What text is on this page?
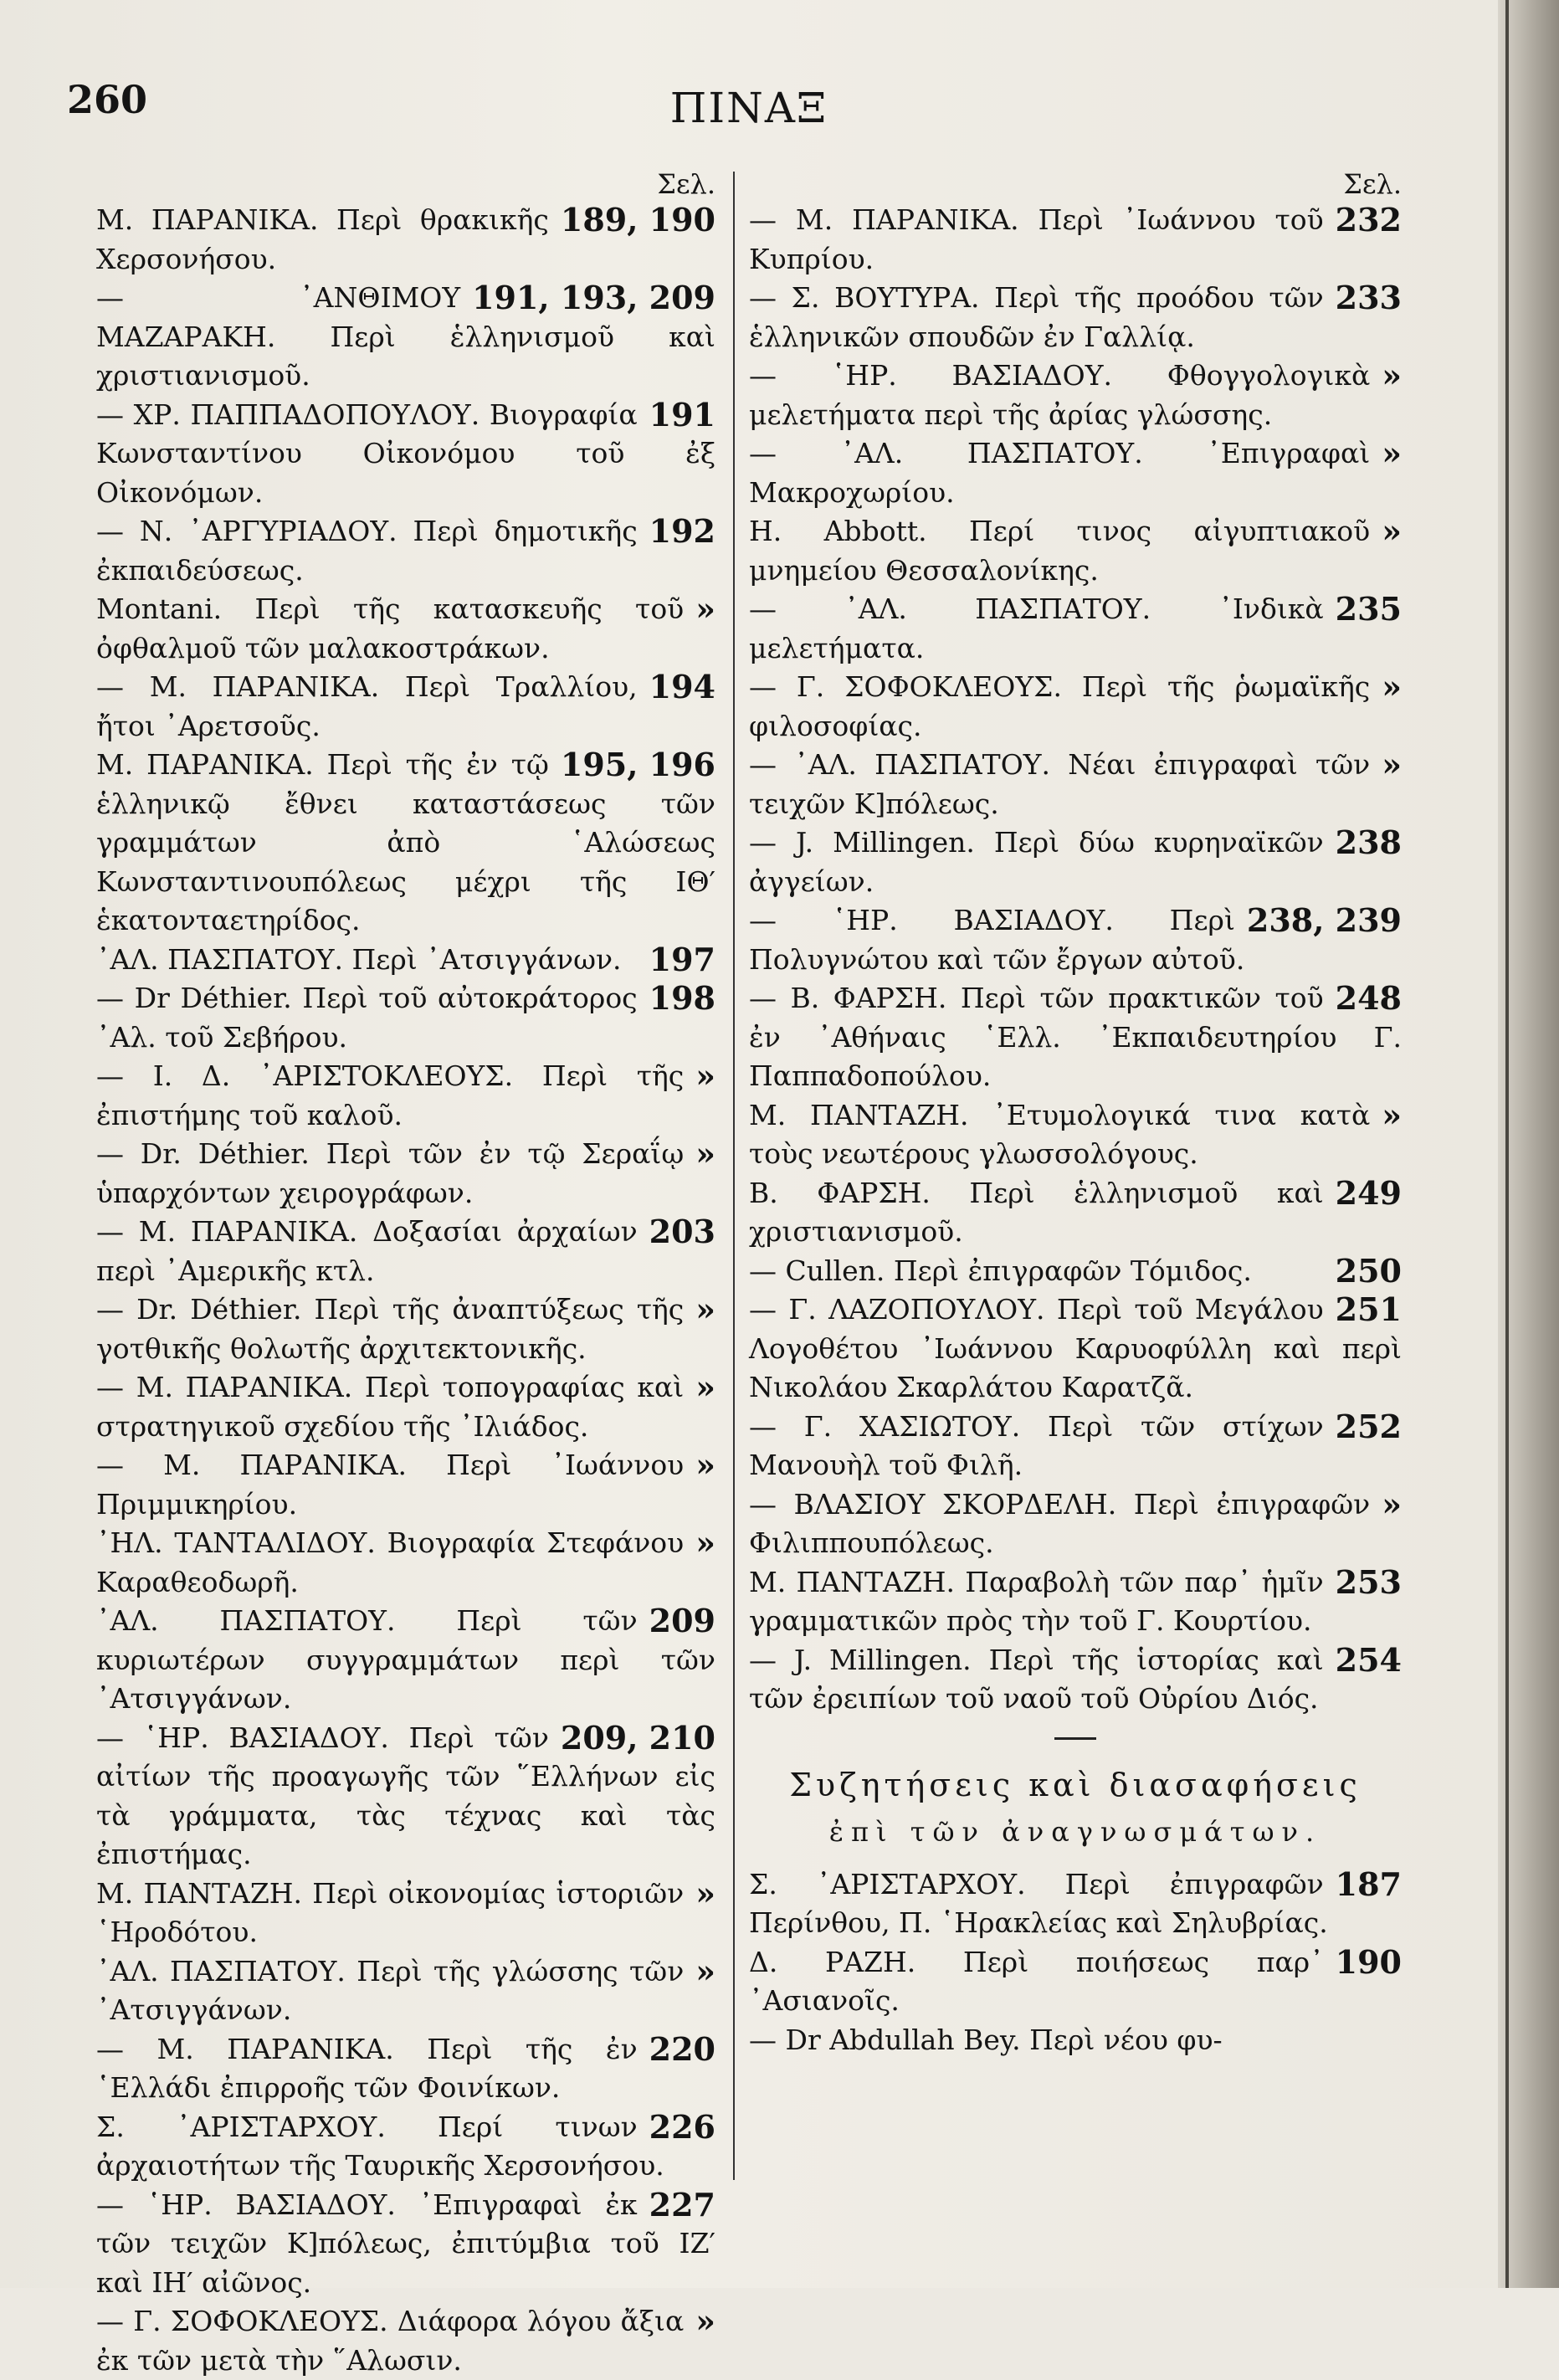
260	ΠΙΝΑΞ
Σελ.

189, 190
Μ. ΠΑΡΑΝΙΚΑ. Περὶ θρακικῆς Χερσονήσου.

191, 193, 209
— ᾿ΑΝΘΙΜΟΥ ΜΑΖΑΡΑΚΗ. Περὶ ἑλληνισμοῦ καὶ χριστιανισμοῦ.

191
— ΧΡ. ΠΑΠΠΑΔΟΠΟΥΛΟΥ. Βιογραφία Κωνσταντίνου Οἰκονόμου τοῦ ἐξ Οἰκονόμων.

192
— Ν. ᾿ΑΡΓΥΡΙΑΔΟΥ. Περὶ δημοτικῆς ἐκπαιδεύσεως.

»
Montani. Περὶ τῆς κατασκευῆς τοῦ ὀφθαλμοῦ τῶν μαλακοστράκων.

194
— Μ. ΠΑΡΑΝΙΚΑ. Περὶ Τραλλίου, ἤτοι ᾿Αρετσοῦς.

195, 196
Μ. ΠΑΡΑΝΙΚΑ. Περὶ τῆς ἐν τῷ ἑλληνικῷ ἔθνει καταστάσεως τῶν γραμμάτων ἀπὸ ῾Αλώσεως Κωνσταντινουπόλεως μέχρι τῆς ΙΘ′ ἑκατονταετηρίδος.

197
᾿ΑΛ. ΠΑΣΠΑΤΟΥ. Περὶ ᾿Ατσιγγάνων.

198
— Dr Déthier. Περὶ τοῦ αὐτοκράτορος ᾿Αλ. τοῦ Σεβήρου.

»
— Ι. Δ. ᾿ΑΡΙΣΤΟΚΛΕΟΥΣ. Περὶ τῆς ἐπιστήμης τοῦ καλοῦ.

»
— Dr. Déthier. Περὶ τῶν ἐν τῷ Σεραΐῳ ὑπαρχόντων χειρογράφων.

203
— Μ. ΠΑΡΑΝΙΚΑ. Δοξασίαι ἀρχαίων περὶ ᾿Αμερικῆς κτλ.

»
— Dr. Déthier. Περὶ τῆς ἀναπτύξεως τῆς γοτθικῆς θολωτῆς ἀρχιτεκτονικῆς.

»
— Μ. ΠΑΡΑΝΙΚΑ. Περὶ τοπογραφίας καὶ στρατηγικοῦ σχεδίου τῆς ᾿Ιλιάδος.

»
— Μ. ΠΑΡΑΝΙΚΑ. Περὶ ᾿Ιωάννου Πριμμικηρίου.

»
᾿ΗΛ. ΤΑΝΤΑΛΙΔΟΥ. Βιογραφία Στεφάνου Καραθεοδωρῆ.

209
᾿ΑΛ. ΠΑΣΠΑΤΟΥ. Περὶ τῶν κυριωτέρων συγγραμμάτων περὶ τῶν ᾿Ατσιγγάνων.

209, 210
— ῾ΗΡ. ΒΑΣΙΑΔΟΥ. Περὶ τῶν αἰτίων τῆς προαγωγῆς τῶν ῞Ελλήνων εἰς τὰ γράμματα, τὰς τέχνας καὶ τὰς ἐπιστήμας.

»
Μ. ΠΑΝΤΑΖΗ. Περὶ οἰκονομίας ἱστοριῶν ῾Ηροδότου.

»
᾿ΑΛ. ΠΑΣΠΑΤΟΥ. Περὶ τῆς γλώσσης τῶν ᾿Ατσιγγάνων.

220
— Μ. ΠΑΡΑΝΙΚΑ. Περὶ τῆς ἐν ῾Ελλάδι ἐπιρροῆς τῶν Φοινίκων.

226
Σ. ᾿ΑΡΙΣΤΑΡΧΟΥ. Περί τινων ἀρχαιοτήτων τῆς Ταυρικῆς Χερσονήσου.

227
— ῾ΗΡ. ΒΑΣΙΑΔΟΥ. ᾿Επιγραφαὶ ἐκ τῶν τειχῶν Κ]πόλεως, ἐπιτύμβια τοῦ ΙΖ′ καὶ ΙΗ′ αἰῶνος.

»
— Γ. ΣΟΦΟΚΛΕΟΥΣ. Διάφορα λόγου ἄξια ἐκ τῶν μετὰ τὴν ῞Αλωσιν.

Σελ.

232
— Μ. ΠΑΡΑΝΙΚΑ. Περὶ ᾿Ιωάννου τοῦ Κυπρίου.

233
— Σ. ΒΟΥΤΥΡΑ. Περὶ τῆς προόδου τῶν ἑλληνικῶν σπουδῶν ἐν Γαλλίᾳ.

»
— ῾ΗΡ. ΒΑΣΙΑΔΟΥ. Φθογγολογικὰ μελετήματα περὶ τῆς ἀρίας γλώσσης.

»
— ᾿ΑΛ. ΠΑΣΠΑΤΟΥ. ᾿Επιγραφαὶ Μακροχωρίου.

»
Η. Abbott. Περί τινος αἰγυπτιακοῦ μνημείου Θεσσαλονίκης.

235
— ᾿ΑΛ. ΠΑΣΠΑΤΟΥ. ᾿Ινδικὰ μελετήματα.

»
— Γ. ΣΟΦΟΚΛΕΟΥΣ. Περὶ τῆς ῥωμαϊκῆς φιλοσοφίας.

»
— ᾿ΑΛ. ΠΑΣΠΑΤΟΥ. Νέαι ἐπιγραφαὶ τῶν τειχῶν Κ]πόλεως.

238
— J. Millingen. Περὶ δύω κυρηναϊκῶν ἀγγείων.

238, 239
— ῾ΗΡ. ΒΑΣΙΑΔΟΥ. Περὶ Πολυγνώτου καὶ τῶν ἔργων αὐτοῦ.

248
— Β. ΦΑΡΣΗ. Περὶ τῶν πρακτικῶν τοῦ ἐν ᾿Αθήναις ῾Ελλ. ᾿Εκπαιδευτηρίου Γ. Παππαδοπούλου.

»
Μ. ΠΑΝΤΑΖΗ. ᾿Ετυμολογικά τινα κατὰ τοὺς νεωτέρους γλωσσολόγους.

249
Β. ΦΑΡΣΗ. Περὶ ἑλληνισμοῦ καὶ χριστιανισμοῦ.

250
— Cullen. Περὶ ἐπιγραφῶν Τόμιδος.

251
— Γ. ΛΑΖΟΠΟΥΛΟΥ. Περὶ τοῦ Μεγάλου Λογοθέτου ᾿Ιωάννου Καρυοφύλλη καὶ περὶ Νικολάου Σκαρλάτου Καρατζᾶ.

252
— Γ. ΧΑΣΙΩΤΟΥ. Περὶ τῶν στίχων Μανουὴλ τοῦ Φιλῆ.

»
— ΒΛΑΣΙΟΥ ΣΚΟΡΔΕΛΗ. Περὶ ἐπιγραφῶν Φιλιππουπόλεως.

253
Μ. ΠΑΝΤΑΖΗ. Παραβολὴ τῶν παρ᾿ ἡμῖν γραμματικῶν πρὸς τὴν τοῦ Γ. Κουρτίου.

254
— J. Millingen. Περὶ τῆς ἱστορίας καὶ τῶν ἐρειπίων τοῦ ναοῦ τοῦ Οὐρίου Διός.

Συζητήσεις καὶ διασαφήσεις

ἐπὶ τῶν ἀναγνωσμάτων.

187
Σ. ᾿ΑΡΙΣΤΑΡΧΟΥ. Περὶ ἐπιγραφῶν Περίνθου, Π. ῾Ηρακλείας καὶ Σηλυβρίας.

190
Δ. ΡΑΖΗ. Περὶ ποιήσεως παρ᾿ ᾿Ασιανοῖς.

— Dr Abdullah Bey. Περὶ νέου φυ-
